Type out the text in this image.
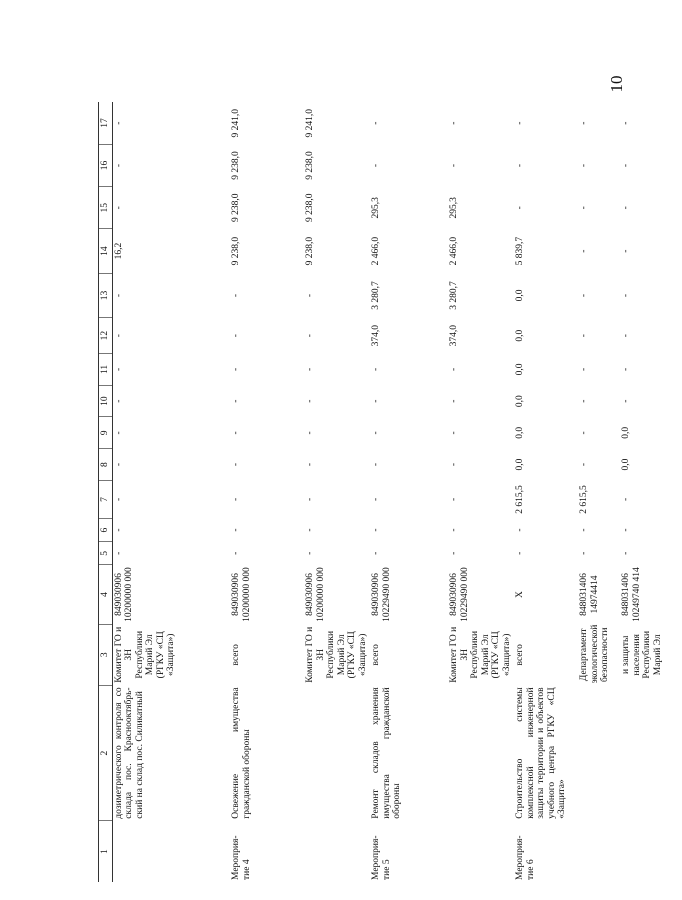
10
1	2	3	4	5	6	7	8	9	10	11	12	13	14	15	16	17
	дозиметрического контроля со склада пос. Краснооктябрь-ский на склад пос. Силикатный	Комитет ГО и ЗН Республики Марий Эл (РГКУ «СЦ «Защита»)	849030906 10200000 000	-	-	-	-	-	-	-	-	-	16,2	-	-	-
Мероприя-тие 4	Освежение имущества гражданской обороны	всего	849030906 10200000 000	-	-	-	-	-	-	-	-	-	9 238,0	9 238,0	9 238,0	9 241,0
		Комитет ГО и ЗН Республики Марий Эл (РГКУ «СЦ «Защита»)	849030906 10200000 000	-	-	-	-	-	-	-	-	-	9 238,0	9 238,0	9 238,0	9 241,0
Мероприя-тие 5	Ремонт складов хранения имущества гражданской обороны	всего	849030906 10229490 000	-	-	-	-	-	-	-	374,0	3 280,7	2 466,0	295,3	-	-
		Комитет ГО и ЗН Республики Марий Эл (РГКУ «СЦ «Защита»)	849030906 10229490 000	-	-	-	-	-	-	-	374,0	3 280,7	2 466,0	295,3	-	-
Мероприя-тие 6	Строительство системы комплексной инженерной защиты территории и объектов учебного центра РГКУ «СЦ «Защита»	всего	X	-	-	2 615,5	0,0	0,0	0,0	0,0	0,0	0,0	5 839,7	-	-	-
		Департамент экологической безопасности	848031406 14974414	-	-	2 615,5	-	-	-	-	-	-	-	-	-	-
		и защиты населения Республики Марий Эл	848031406 10249740 414	-	-	-	0,0	0,0	-	-	-	-	-	-	-	-
